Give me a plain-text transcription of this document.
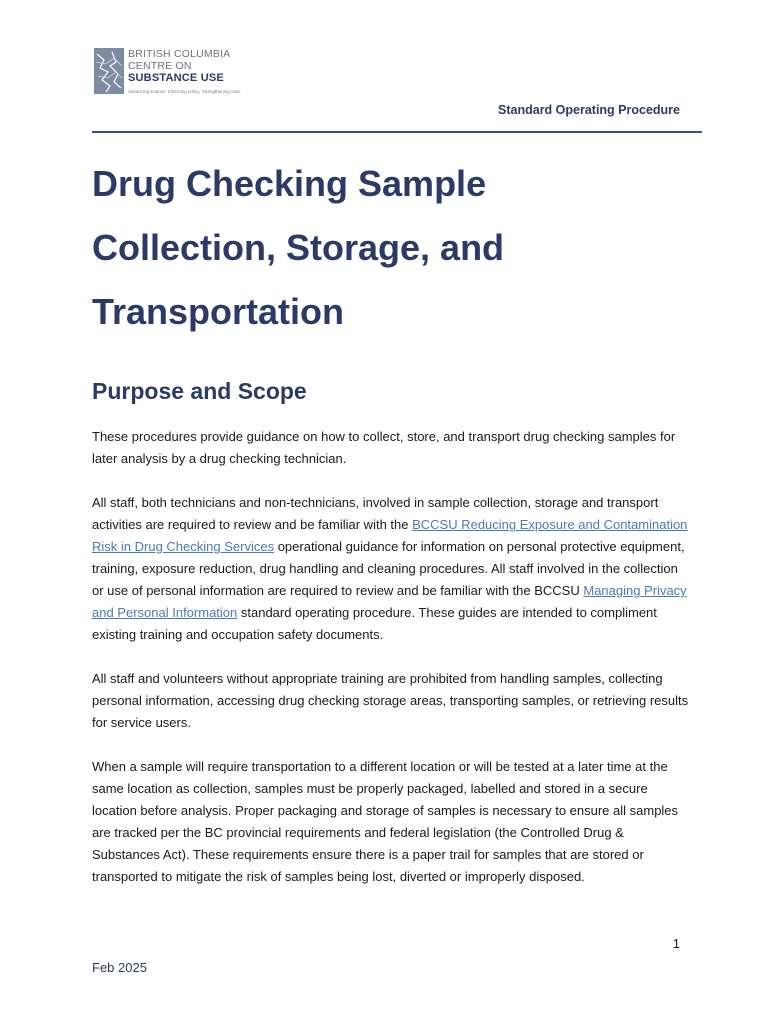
BRITISH COLUMBIA
CENTRE ON
SUBSTANCE USE
Advancing science. Informing policy. Strengthening care.
Standard Operating Procedure
Drug Checking Sample
Collection, Storage, and
Transportation
Purpose and Scope

These procedures provide guidance on how to collect, store, and transport drug checking samples for later analysis by a drug checking technician.

All staff, both technicians and non-technicians, involved in sample collection, storage and transport activities are required to review and be familiar with the BCCSU Reducing Exposure and Contamination Risk in Drug Checking Services operational guidance for information on personal protective equipment, training, exposure reduction, drug handling and cleaning procedures. All staff involved in the collection or use of personal information are required to review and be familiar with the BCCSU Managing Privacy and Personal Information standard operating procedure. These guides are intended to compliment existing training and occupation safety documents.

All staff and volunteers without appropriate training are prohibited from handling samples, collecting personal information, accessing drug checking storage areas, transporting samples, or retrieving results for service users.

When a sample will require transportation to a different location or will be tested at a later time at the same location as collection, samples must be properly packaged, labelled and stored in a secure location before analysis. Proper packaging and storage of samples is necessary to ensure all samples are tracked per the BC provincial requirements and federal legislation (the Controlled Drug & Substances Act). These requirements ensure there is a paper trail for samples that are stored or transported to mitigate the risk of samples being lost, diverted or improperly disposed.

1
Feb 2025
